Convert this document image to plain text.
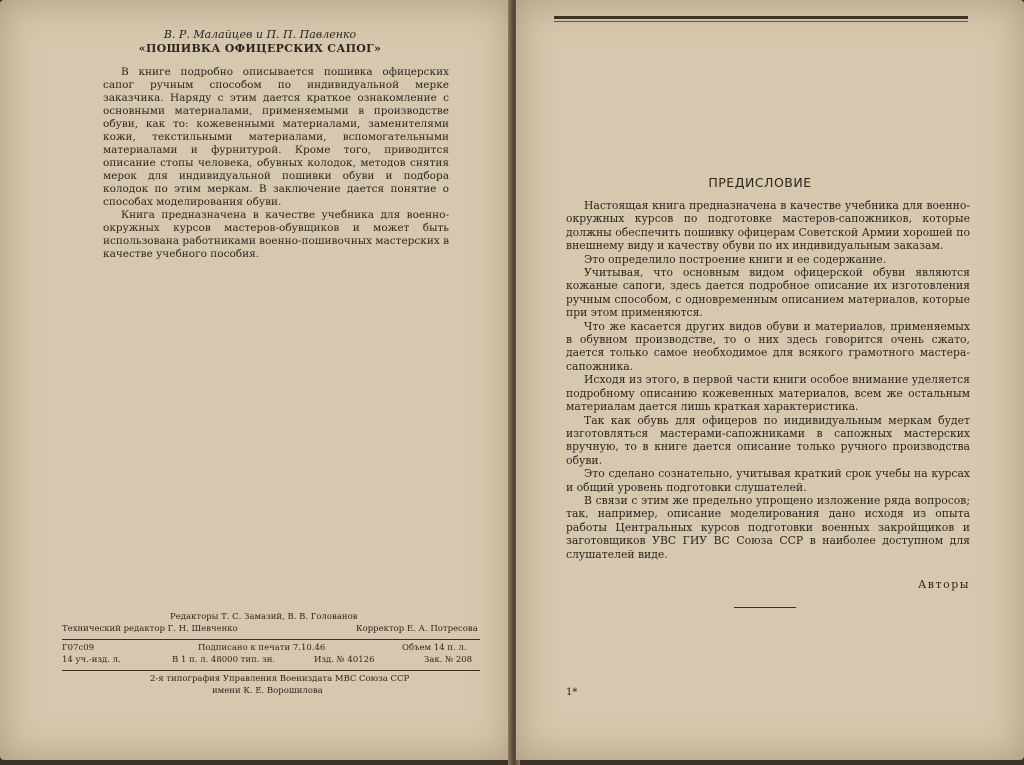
В. Р. Малайцев и П. П. Павленко
«ПОШИВКА ОФИЦЕРСКИХ САПОГ»

В книге подробно описывается пошивка офицерских сапог ручным способом по индивидуальной мерке заказчика. Наряду с этим дается краткое ознакомление с основными материалами, применяемыми в производстве обуви, как то: кожевенными материалами, заменителями кожи, текстильными материалами, вспомогательными материалами и фурнитурой. Кроме того, приводится описание стопы человека, обувных колодок, методов снятия мерок для индивидуальной пошивки обуви и подбора колодок по этим меркам. В заключение дается понятие о способах моделирования обуви.

Книга предназначена в качестве учебника для военно-окружных курсов мастеров-обувщиков и может быть использована работниками военно-пошивочных мастерских в качестве учебного пособия.

Редакторы Т. С. Замазий, В. В. Голованов
Технический редактор Г. Н. Шевченко	Корректор Е. А. Потресова
Г07с09	Подписано к печати 7.10.46	Объем 14 п. л.
14 уч.-изд. л.	В 1 п. л. 48000 тип. зн.	Изд. № 40126	Зак. № 208
2-я типография Управления Воениздата МВС Союза ССР
имени К. Е. Ворошилова
ПРЕДИСЛОВИЕ

Настоящая книга предназначена в качестве учебника для военно-окружных курсов по подготовке мастеров-сапожников, которые должны обеспечить пошивку офицерам Советской Армии хорошей по внешнему виду и качеству обуви по их индивидуальным заказам.

Это определило построение книги и ее содержание.

Учитывая, что основным видом офицерской обуви являются кожаные сапоги, здесь дается подробное описание их изготовления ручным способом, с одновременным описанием материалов, которые при этом применяются.

Что же касается других видов обуви и материалов, применяемых в обувном производстве, то о них здесь говорится очень сжато, дается только самое необходимое для всякого грамотного мастера-сапожника.

Исходя из этого, в первой части книги особое внимание уделяется подробному описанию кожевенных материалов, всем же остальным материалам дается лишь краткая характеристика.

Так как обувь для офицеров по индивидуальным меркам будет изготовляться мастерами-сапожниками в сапожных мастерских вручную, то в книге дается описание только ручного производства обуви.

Это сделано сознательно, учитывая краткий срок учебы на курсах и общий уровень подготовки слушателей.

В связи с этим же предельно упрощено изложение ряда вопросов; так, например, описание моделирования дано исходя из опыта работы Центральных курсов подготовки военных закройщиков и заготовщиков УВС ГИУ ВС Союза ССР в наиболее доступном для слушателей виде.

Авторы
1*
